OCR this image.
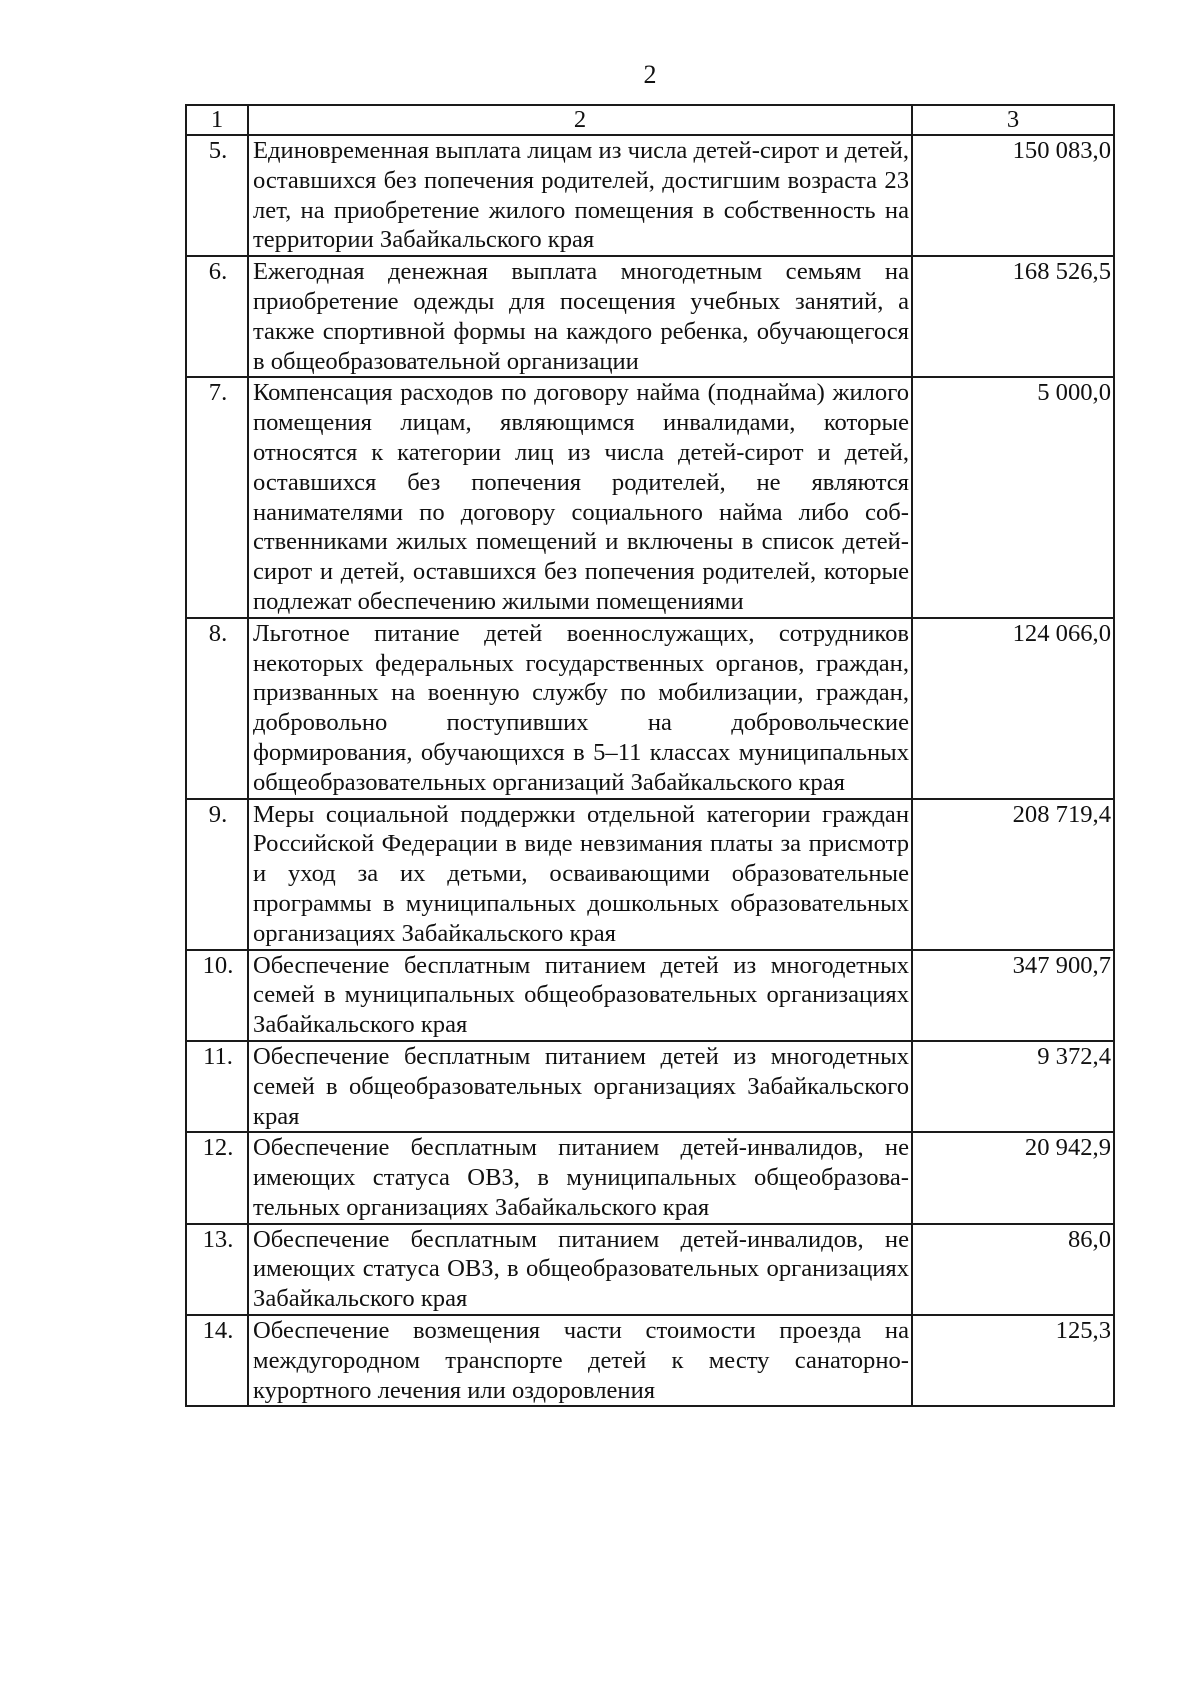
2
1	2	3
5.	Единовременная выплата лицам из числа детей-сирот и детей, оставшихся без попечения родителей, достигшим возраста 23 лет, на приобретение жилого помещения в собственность на территории Забайкальского края	150 083,0
6.	Ежегодная денежная выплата многодетным семьям на приобретение одежды для посещения учебных занятий, а также спортивной формы на каждого ребенка, обучающегося в общеобразовательной организации	168 526,5
7.	Компенсация расходов по договору найма (поднайма) жилого помещения лицам, являющимся инвалидами, которые относятся к категории лиц из числа детей-сирот и детей, оставшихся без попечения родителей, не являются нанимателями по договору социального найма либо собственниками жилых помещений и включены в список детей-сирот и детей, оставшихся без попечения родителей, которые подлежат обеспечению жилыми помещениями	5 000,0
8.	Льготное питание детей военнослужащих, сотрудников некоторых федеральных государственных органов, граждан, призванных на военную службу по мобилизации, граждан, добровольно поступивших на добровольческие формирования, обучающихся в 5–11 классах муниципальных общеобразовательных организаций Забайкальского края	124 066,0
9.	Меры социальной поддержки отдельной категории граждан Российской Федерации в виде невзимания платы за присмотр и уход за их детьми, осваивающими образовательные программы в муниципальных дошкольных образовательных организациях Забайкальского края	208 719,4
10.	Обеспечение бесплатным питанием детей из многодетных семей в муниципальных общеобразовательных организациях Забайкальского края	347 900,7
11.	Обеспечение бесплатным питанием детей из многодетных семей в общеобразовательных организациях Забайкальского края	9 372,4
12.	Обеспечение бесплатным питанием детей-инвалидов, не имеющих статуса ОВЗ, в муниципальных общеобразовательных организациях Забайкальского края	20 942,9
13.	Обеспечение бесплатным питанием детей-инвалидов, не имеющих статуса ОВЗ, в общеобразовательных организациях Забайкальского края	86,0
14.	Обеспечение возмещения части стоимости проезда на междугородном транспорте детей к месту санаторно-курортного лечения или оздоровления	125,3
